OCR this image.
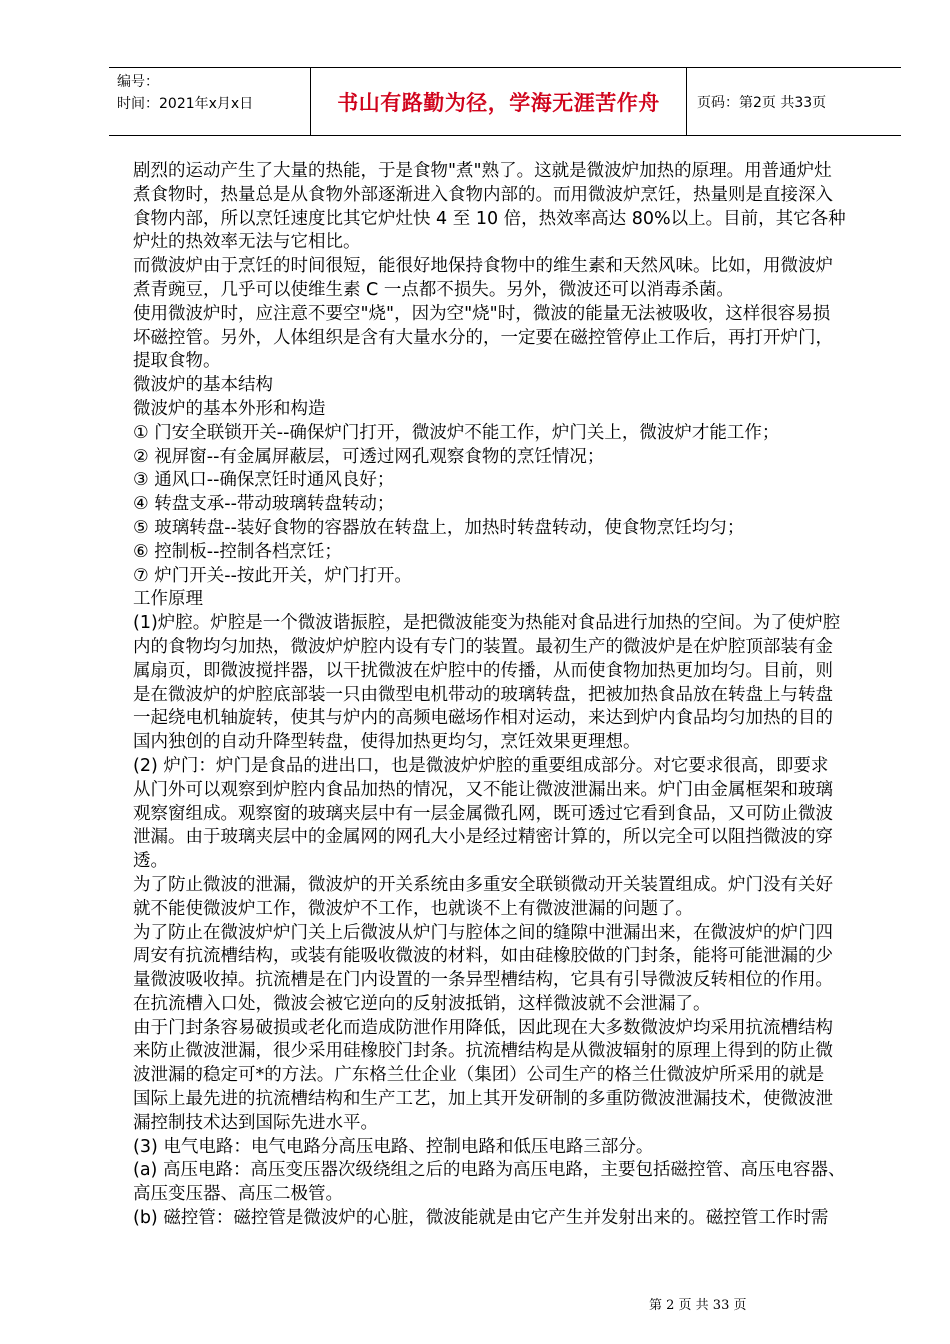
编号：
时间：2021年x月x日	书山有路勤为径，学海无涯苦作舟	页码：第2页 共33页
剧烈的运动产生了大量的热能，于是食物"煮"熟了。这就是微波炉加热的原理。用普通炉灶
煮食物时，热量总是从食物外部逐渐进入食物内部的。而用微波炉烹饪，热量则是直接深入
食物内部，所以烹饪速度比其它炉灶快 4 至 10 倍，热效率高达 80%以上。目前，其它各种
炉灶的热效率无法与它相比。
而微波炉由于烹饪的时间很短，能很好地保持食物中的维生素和天然风味。比如，用微波炉
煮青豌豆，几乎可以使维生素 C 一点都不损失。另外，微波还可以消毒杀菌。
使用微波炉时，应注意不要空"烧"，因为空"烧"时，微波的能量无法被吸收，这样很容易损
坏磁控管。另外，人体组织是含有大量水分的，一定要在磁控管停止工作后，再打开炉门，
提取食物。
微波炉的基本结构
微波炉的基本外形和构造
① 门安全联锁开关--确保炉门打开，微波炉不能工作，炉门关上，微波炉才能工作；
② 视屏窗--有金属屏蔽层，可透过网孔观察食物的烹饪情况；
③ 通风口--确保烹饪时通风良好；
④ 转盘支承--带动玻璃转盘转动；
⑤ 玻璃转盘--装好食物的容器放在转盘上，加热时转盘转动，使食物烹饪均匀；
⑥ 控制板--控制各档烹饪；
⑦ 炉门开关--按此开关，炉门打开。
工作原理
(1)炉腔。炉腔是一个微波谐振腔，是把微波能变为热能对食品进行加热的空间。为了使炉腔
内的食物均匀加热，微波炉炉腔内设有专门的装置。最初生产的微波炉是在炉腔顶部装有金
属扇页，即微波搅拌器，以干扰微波在炉腔中的传播，从而使食物加热更加均匀。目前，则
是在微波炉的炉腔底部装一只由微型电机带动的玻璃转盘，把被加热食品放在转盘上与转盘
一起绕电机轴旋转，使其与炉内的高频电磁场作相对运动，来达到炉内食品均匀加热的目的
国内独创的自动升降型转盘，使得加热更均匀，烹饪效果更理想。
(2) 炉门：炉门是食品的进出口，也是微波炉炉腔的重要组成部分。对它要求很高，即要求
从门外可以观察到炉腔内食品加热的情况，又不能让微波泄漏出来。炉门由金属框架和玻璃
观察窗组成。观察窗的玻璃夹层中有一层金属微孔网，既可透过它看到食品，又可防止微波
泄漏。由于玻璃夹层中的金属网的网孔大小是经过精密计算的，所以完全可以阻挡微波的穿
透。
为了防止微波的泄漏，微波炉的开关系统由多重安全联锁微动开关装置组成。炉门没有关好
就不能使微波炉工作，微波炉不工作，也就谈不上有微波泄漏的问题了。
为了防止在微波炉炉门关上后微波从炉门与腔体之间的缝隙中泄漏出来，在微波炉的炉门四
周安有抗流槽结构，或装有能吸收微波的材料，如由硅橡胶做的门封条，能将可能泄漏的少
量微波吸收掉。抗流槽是在门内设置的一条异型槽结构，它具有引导微波反转相位的作用。
在抗流槽入口处，微波会被它逆向的反射波抵销，这样微波就不会泄漏了。
由于门封条容易破损或老化而造成防泄作用降低，因此现在大多数微波炉均采用抗流槽结构
来防止微波泄漏，很少采用硅橡胶门封条。抗流槽结构是从微波辐射的原理上得到的防止微
波泄漏的稳定可*的方法。广东格兰仕企业（集团）公司生产的格兰仕微波炉所采用的就是
国际上最先进的抗流槽结构和生产工艺，加上其开发研制的多重防微波泄漏技术，使微波泄
漏控制技术达到国际先进水平。
(3) 电气电路：电气电路分高压电路、控制电路和低压电路三部分。
(a) 高压电路：高压变压器次级绕组之后的电路为高压电路，主要包括磁控管、高压电容器、
高压变压器、高压二极管。
(b) 磁控管：磁控管是微波炉的心脏，微波能就是由它产生并发射出来的。磁控管工作时需
第 2 页 共 33 页
